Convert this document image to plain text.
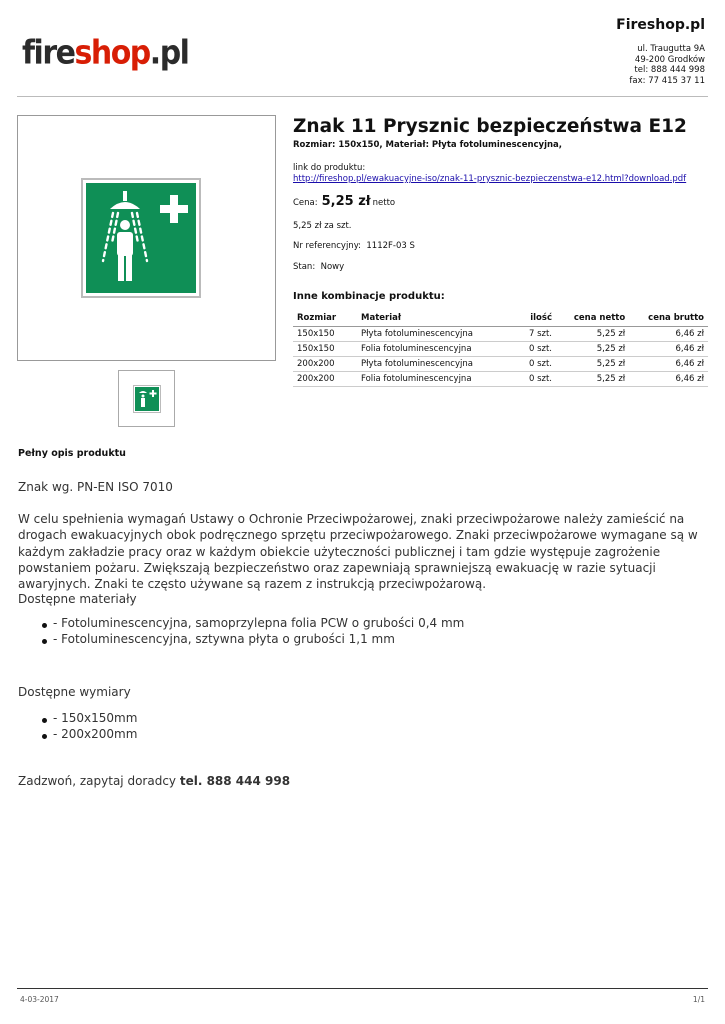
fireshop.pl
Fireshop.pl
ul. Traugutta 9A
49-200 Grodków
tel: 888 444 998
fax: 77 415 37 11
Znak 11 Prysznic bezpieczeństwa E12
Rozmiar: 150x150, Materiał: Płyta fotoluminescencyjna,
link do produktu:
http://fireshop.pl/ewakuacyjne-iso/znak-11-prysznic-bezpieczenstwa-e12.html?download.pdf
Cena: 5,25 zł netto
5,25 zł za szt.
Nr referencyjny: 1112F-03 S
Stan: Nowy
Inne kombinacje produktu:
Rozmiar	Materiał	ilość	cena netto	cena brutto
150x150	Płyta fotoluminescencyjna	7 szt.	5,25 zł	6,46 zł
150x150	Folia fotoluminescencyjna	0 szt.	5,25 zł	6,46 zł
200x200	Płyta fotoluminescencyjna	0 szt.	5,25 zł	6,46 zł
200x200	Folia fotoluminescencyjna	0 szt.	5,25 zł	6,46 zł
Pełny opis produktu
Znak wg. PN-EN ISO 7010
W celu spełnienia wymagań Ustawy o Ochronie Przeciwpożarowej, znaki przeciwpożarowe należy zamieścić na drogach ewakuacyjnych obok podręcznego sprzętu przeciwpożarowego. Znaki przeciwpożarowe wymagane są w każdym zakładzie pracy oraz w każdym obiekcie użyteczności publicznej i tam gdzie występuje zagrożenie powstaniem pożaru. Zwiększają bezpieczeństwo oraz zapewniają sprawniejszą ewakuację w razie sytuacji awaryjnych. Znaki te często używane są razem z instrukcją przeciwpożarową.
Dostępne materiały
- Fotoluminescencyjna, samoprzylepna folia PCW o grubości 0,4 mm
- Fotoluminescencyjna, sztywna płyta o grubości 1,1 mm
Dostępne wymiary
- 150x150mm
- 200x200mm
Zadzwoń, zapytaj doradcy tel. 888 444 998
4-03-2017	1/1
